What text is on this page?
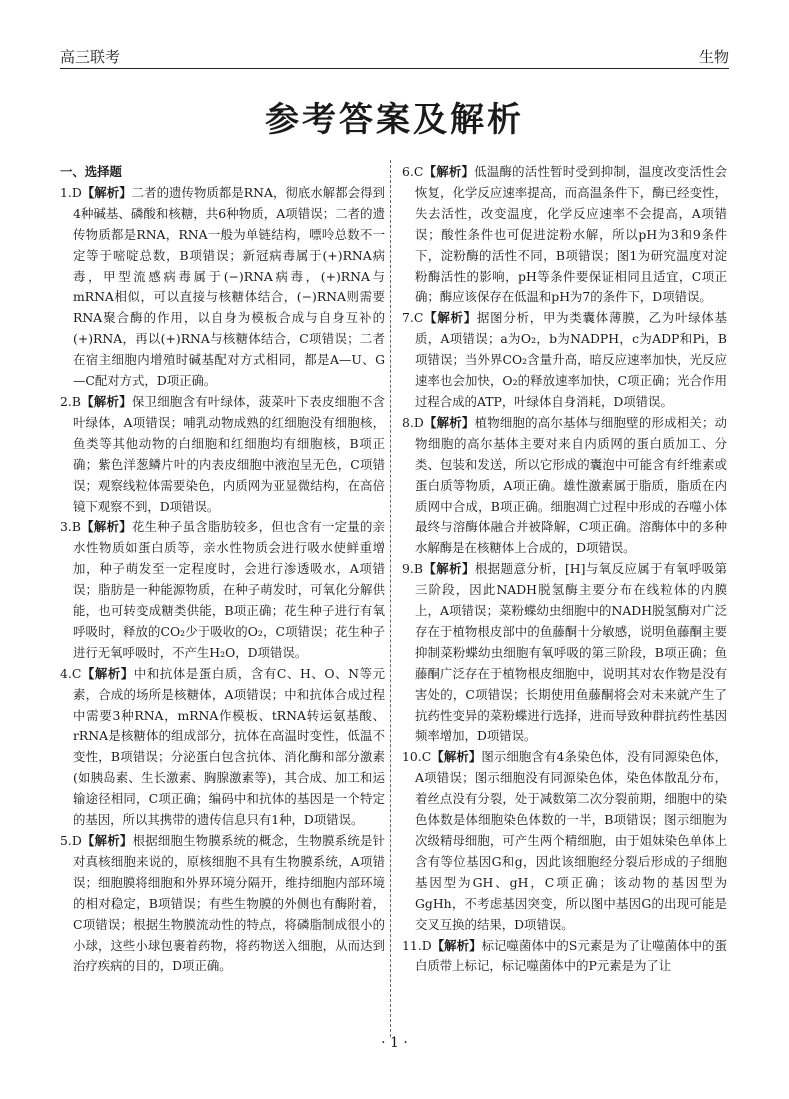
高三联考	生物
参考答案及解析
一、选择题

1.D【解析】二者的遗传物质都是RNA，彻底水解都会得到4种碱基、磷酸和核糖，共6种物质，A项错误；二者的遗传物质都是RNA，RNA一般为单链结构，嘌呤总数不一定等于嘧啶总数，B项错误；新冠病毒属于(+)RNA病毒，甲型流感病毒属于(−)RNA病毒，(+)RNA与mRNA相似，可以直接与核糖体结合，(−)RNA则需要RNA聚合酶的作用，以自身为模板合成与自身互补的(+)RNA，再以(+)RNA与核糖体结合，C项错误；二者在宿主细胞内增殖时碱基配对方式相同，都是A—U、G—C配对方式，D项正确。

2.B【解析】保卫细胞含有叶绿体，菠菜叶下表皮细胞不含叶绿体，A项错误；哺乳动物成熟的红细胞没有细胞核，鱼类等其他动物的白细胞和红细胞均有细胞核，B项正确；紫色洋葱鳞片叶的内表皮细胞中液泡呈无色，C项错误；观察线粒体需要染色，内质网为亚显微结构，在高倍镜下观察不到，D项错误。

3.B【解析】花生种子虽含脂肪较多，但也含有一定量的亲水性物质如蛋白质等，亲水性物质会进行吸水使鲜重增加，种子萌发至一定程度时，会进行渗透吸水，A项错误；脂肪是一种能源物质，在种子萌发时，可氧化分解供能，也可转变成糖类供能，B项正确；花生种子进行有氧呼吸时，释放的CO₂少于吸收的O₂，C项错误；花生种子进行无氧呼吸时，不产生H₂O，D项错误。

4.C【解析】中和抗体是蛋白质，含有C、H、O、N等元素，合成的场所是核糖体，A项错误；中和抗体合成过程中需要3种RNA，mRNA作模板、tRNA转运氨基酸、rRNA是核糖体的组成部分，抗体在高温时变性，低温不变性，B项错误；分泌蛋白包含抗体、消化酶和部分激素(如胰岛素、生长激素、胸腺激素等)，其合成、加工和运输途径相同，C项正确；编码中和抗体的基因是一个特定的基因，所以其携带的遗传信息只有1种，D项错误。

5.D【解析】根据细胞生物膜系统的概念，生物膜系统是针对真核细胞来说的，原核细胞不具有生物膜系统，A项错误；细胞膜将细胞和外界环境分隔开，维持细胞内部环境的相对稳定，B项错误；有些生物膜的外侧也有酶附着，C项错误；根据生物膜流动性的特点，将磷脂制成很小的小球，这些小球包裹着药物，将药物送入细胞，从而达到治疗疾病的目的，D项正确。

6.C【解析】低温酶的活性暂时受到抑制，温度改变活性会恢复，化学反应速率提高，而高温条件下，酶已经变性，失去活性，改变温度，化学反应速率不会提高，A项错误；酸性条件也可促进淀粉水解，所以pH为3和9条件下，淀粉酶的活性不同，B项错误；图1为研究温度对淀粉酶活性的影响，pH等条件要保证相同且适宜，C项正确；酶应该保存在低温和pH为7的条件下，D项错误。

7.C【解析】据图分析，甲为类囊体薄膜，乙为叶绿体基质，A项错误；a为O₂，b为NADPH，c为ADP和Pi，B项错误；当外界CO₂含量升高，暗反应速率加快，光反应速率也会加快，O₂的释放速率加快，C项正确；光合作用过程合成的ATP，叶绿体自身消耗，D项错误。

8.D【解析】植物细胞的高尔基体与细胞壁的形成相关；动物细胞的高尔基体主要对来自内质网的蛋白质加工、分类、包装和发送，所以它形成的囊泡中可能含有纤维素或蛋白质等物质，A项正确。雄性激素属于脂质，脂质在内质网中合成，B项正确。细胞凋亡过程中形成的吞噬小体最终与溶酶体融合并被降解，C项正确。溶酶体中的多种水解酶是在核糖体上合成的，D项错误。

9.B【解析】根据题意分析，[H]与氧反应属于有氧呼吸第三阶段，因此NADH脱氢酶主要分布在线粒体的内膜上，A项错误；菜粉蝶幼虫细胞中的NADH脱氢酶对广泛存在于植物根皮部中的鱼藤酮十分敏感，说明鱼藤酮主要抑制菜粉蝶幼虫细胞有氧呼吸的第三阶段，B项正确；鱼藤酮广泛存在于植物根皮细胞中，说明其对农作物是没有害处的，C项错误；长期使用鱼藤酮将会对未来就产生了抗药性变异的菜粉蝶进行选择，进而导致种群抗药性基因频率增加，D项错误。

10.C【解析】图示细胞含有4条染色体，没有同源染色体，A项错误；图示细胞没有同源染色体，染色体散乱分布，着丝点没有分裂，处于减数第二次分裂前期，细胞中的染色体数是体细胞染色体数的一半，B项错误；图示细胞为次级精母细胞，可产生两个精细胞，由于姐妹染色单体上含有等位基因G和g，因此该细胞经分裂后形成的子细胞基因型为GH、gH，C项正确；该动物的基因型为GgHh，不考虑基因突变，所以图中基因G的出现可能是交叉互换的结果，D项错误。

11.D【解析】标记噬菌体中的S元素是为了让噬菌体中的蛋白质带上标记，标记噬菌体中的P元素是为了让

· 1 ·
